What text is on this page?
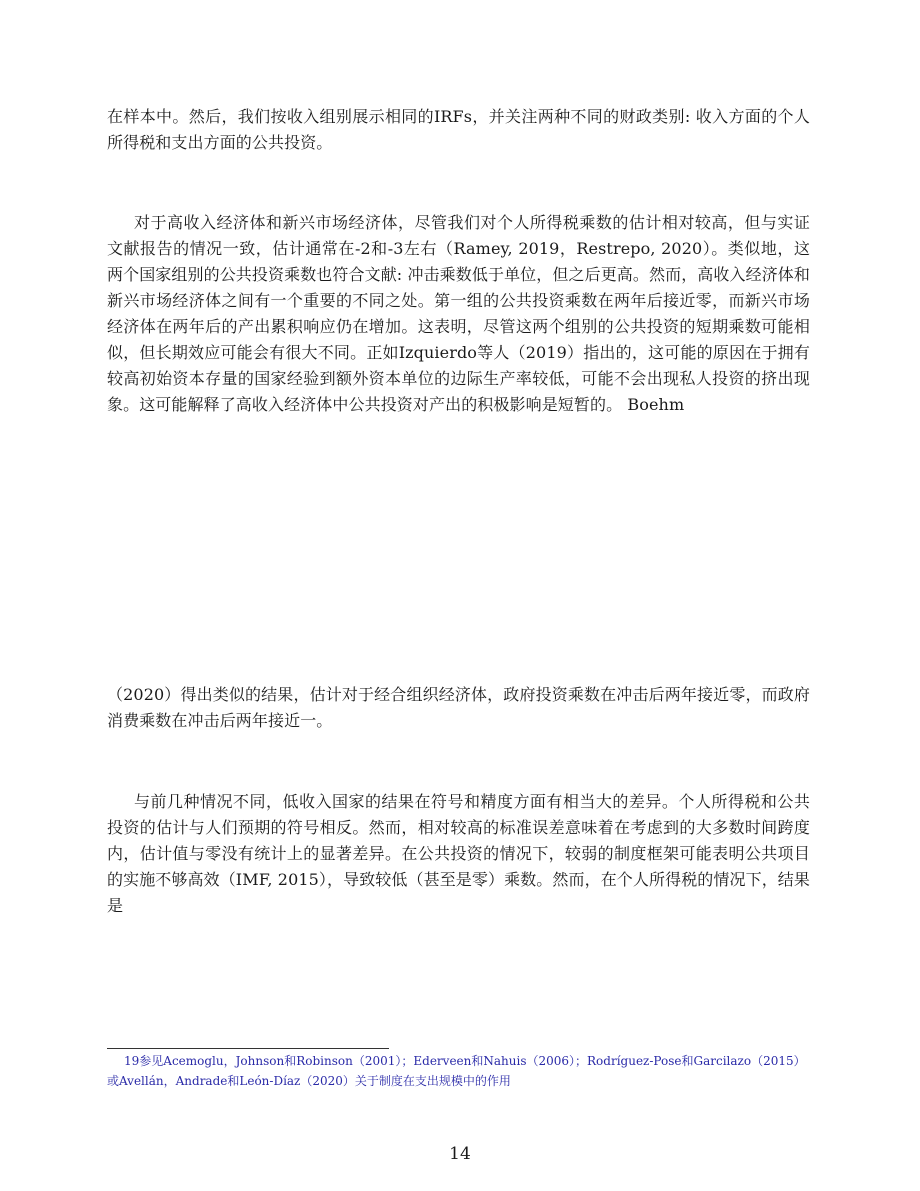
在样本中。然后，我们按收入组别展示相同的IRFs，并关注两种不同的财政类别: 收入方面的个人所得税和支出方面的公共投资。

对于高收入经济体和新兴市场经济体，尽管我们对个人所得税乘数的估计相对较高，但与实证文献报告的情况一致，估计通常在-2和-3左右（Ramey, 2019，Restrepo, 2020）。类似地，这两个国家组别的公共投资乘数也符合文献: 冲击乘数低于单位，但之后更高。然而，高收入经济体和新兴市场经济体之间有一个重要的不同之处。第一组的公共投资乘数在两年后接近零，而新兴市场经济体在两年后的产出累积响应仍在增加。这表明，尽管这两个组别的公共投资的短期乘数可能相似，但长期效应可能会有很大不同。正如Izquierdo等人（2019）指出的，这可能的原因在于拥有较高初始资本存量的国家经验到额外资本单位的边际生产率较低，可能不会出现私人投资的挤出现象。这可能解释了高收入经济体中公共投资对产出的积极影响是短暂的。 Boehm

（2020）得出类似的结果，估计对于经合组织经济体，政府投资乘数在冲击后两年接近零，而政府消费乘数在冲击后两年接近一。

与前几种情况不同，低收入国家的结果在符号和精度方面有相当大的差异。个人所得税和公共投资的估计与人们预期的符号相反。然而，相对较高的标准误差意味着在考虑到的大多数时间跨度内，估计值与零没有统计上的显著差异。在公共投资的情况下，较弱的制度框架可能表明公共项目的实施不够高效（IMF, 2015），导致较低（甚至是零）乘数。然而，在个人所得税的情况下，结果是

19参见Acemoglu，Johnson和Robinson（2001）；Ederveen和Nahuis（2006）；Rodríguez-Pose和Garcilazo（2015）或Avellán，Andrade和León-Díaz（2020）关于制度在支出规模中的作用

14
